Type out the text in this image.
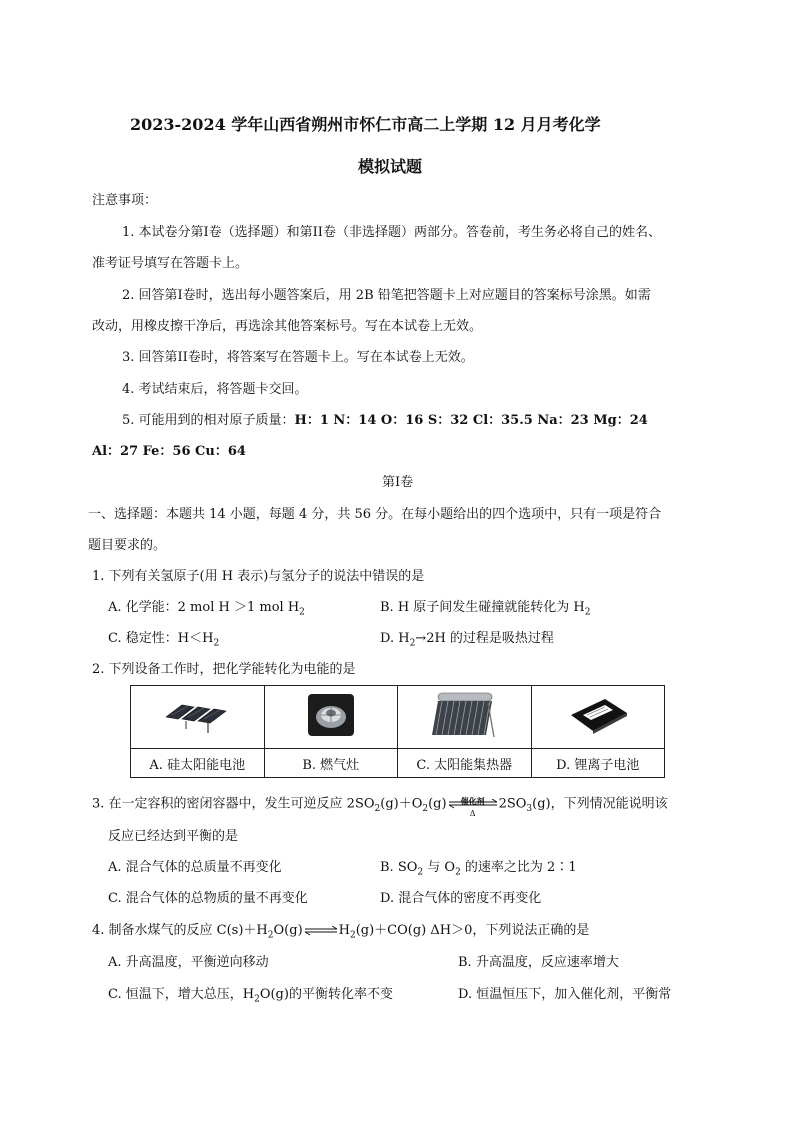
2023-2024 学年山西省朔州市怀仁市高二上学期 12 月月考化学
模拟试题
注意事项：
1. 本试卷分第I卷（选择题）和第II卷（非选择题）两部分。答卷前，考生务必将自己的姓名、
准考证号填写在答题卡上。
2. 回答第I卷时，选出每小题答案后，用 2B 铅笔把答题卡上对应题目的答案标号涂黑。如需
改动，用橡皮擦干净后，再选涂其他答案标号。写在本试卷上无效。
3. 回答第II卷时，将答案写在答题卡上。写在本试卷上无效。
4. 考试结束后，将答题卡交回。
5. 可能用到的相对原子质量：H：1 N：14 O：16 S：32 Cl：35.5 Na：23 Mg：24
Al：27 Fe：56 Cu：64
第I卷
一、选择题：本题共 14 小题，每题 4 分，共 56 分。在每小题给出的四个选项中，只有一项是符合
题目要求的。
1. 下列有关氢原子(用 H 表示)与氢分子的说法中错误的是
A. 化学能：2 mol H ＞1 mol $H_2$	B. H 原子间发生碰撞就能转化为 $H_2$
C. 稳定性：$H<H_2$	D. $H_2\to 2H$ 的过程是吸热过程
2. 下列设备工作时，把化学能转化为电能的是

A. 硅太阳能电池	B. 燃气灶	C. 太阳能集热器	D. 锂离子电池
3. 在一定容积的密闭容器中，发生可逆反应 $2SO_2(g)+O_2(g)$	催化剂
Δ
$2SO_3(g)$，下列情况能说明该
反应已经达到平衡的是
A. 混合气体的总质量不再变化	B. $SO_2$ 与 $O_2$ 的速率之比为 2∶1
C. 混合气体的总物质的量不再变化	D. 混合气体的密度不再变化
4. 制备水煤气的反应 $C(s)+H_2O(g)\rightleftharpoons H_2(g)+CO(g)$ ΔH＞0，下列说法正确的是
A. 升高温度，平衡逆向移动	B. 升高温度，反应速率增大
C. 恒温下，增大总压，$H_2O(g)$的平衡转化率不变	D. 恒温恒压下，加入催化剂，平衡常
